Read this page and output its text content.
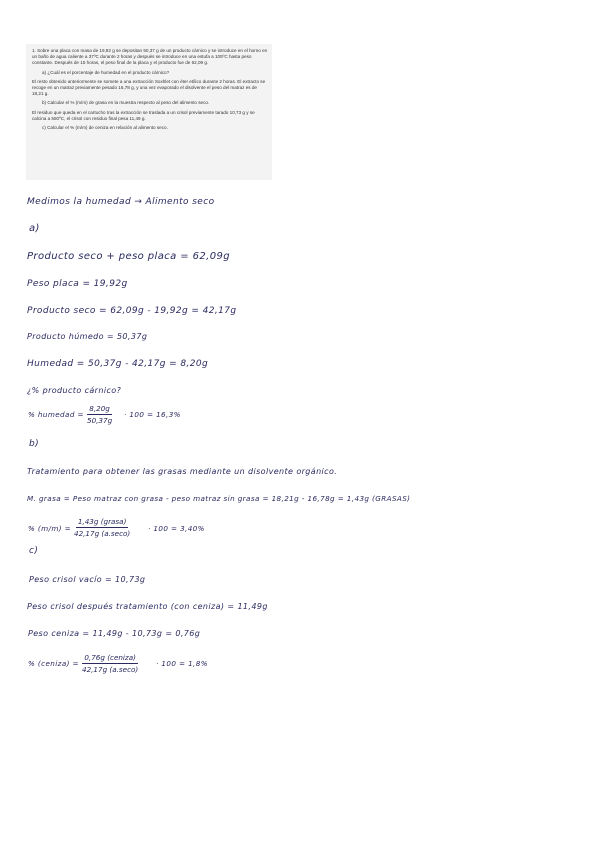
1. Sobre una placa con masa de 19,92 g se depositan 50,37 g de un producto cárnico y se introduce en el horno en un baño de agua caliente a 37ºC durante 2 horas y después se introduce en una estufa a 105ºC hasta peso constante. Después de 15 horas, el peso final de la placa y el producto fue de 62,09 g.

a) ¿Cuál es el porcentaje de humedad en el producto cárnico?

El resto obtenido anteriormente se somete a una extracción Soxhlet con éter etílico durante 2 horas. El extracto se recoge en un matraz previamente pesado 16,78 g, y una vez evaporado el disolvente el peso del matraz es de 18,21 g.

b) Calcular el % (m/m) de grasa en la muestra respecto al peso del alimento seco.

El residuo que queda en el cartucho tras la extracción se traslada a un crisol previamente tarado 10,73 g y se calcina a 550ºC, el crisol con residuo final pesa 11,49 g.

c) Calcular el % (m/m) de ceniza en relación al alimento seco.

Medimos la humedad → Alimento seco
a)
Producto seco + peso placa = 62,09g
Peso placa = 19,92g
Producto seco = 62,09g - 19,92g = 42,17g
Producto húmedo = 50,37g
Humedad = 50,37g - 42,17g = 8,20g
¿% producto cárnico?
% humedad = $\frac{8,20g}{50,37g} \cdot 100 = 16,3\%$
b)
Tratamiento para obtener las grasas mediante un disolvente orgánico.
M. grasa = Peso matraz con grasa - peso matraz sin grasa = 18,21g - 16,78g = 1,43g (GRASAS)
% (m/m) =
1,43g (grasa)
42,17g (a.seco)
· 100 = 3,40%
c)
Peso crisol vacío = 10,73g
Peso crisol después tratamiento (con ceniza) = 11,49g
Peso ceniza = 11,49g - 10,73g = 0,76g
% (ceniza) =
0,76g (ceniza)
42,17g (a.seco)
· 100 = 1,8%
